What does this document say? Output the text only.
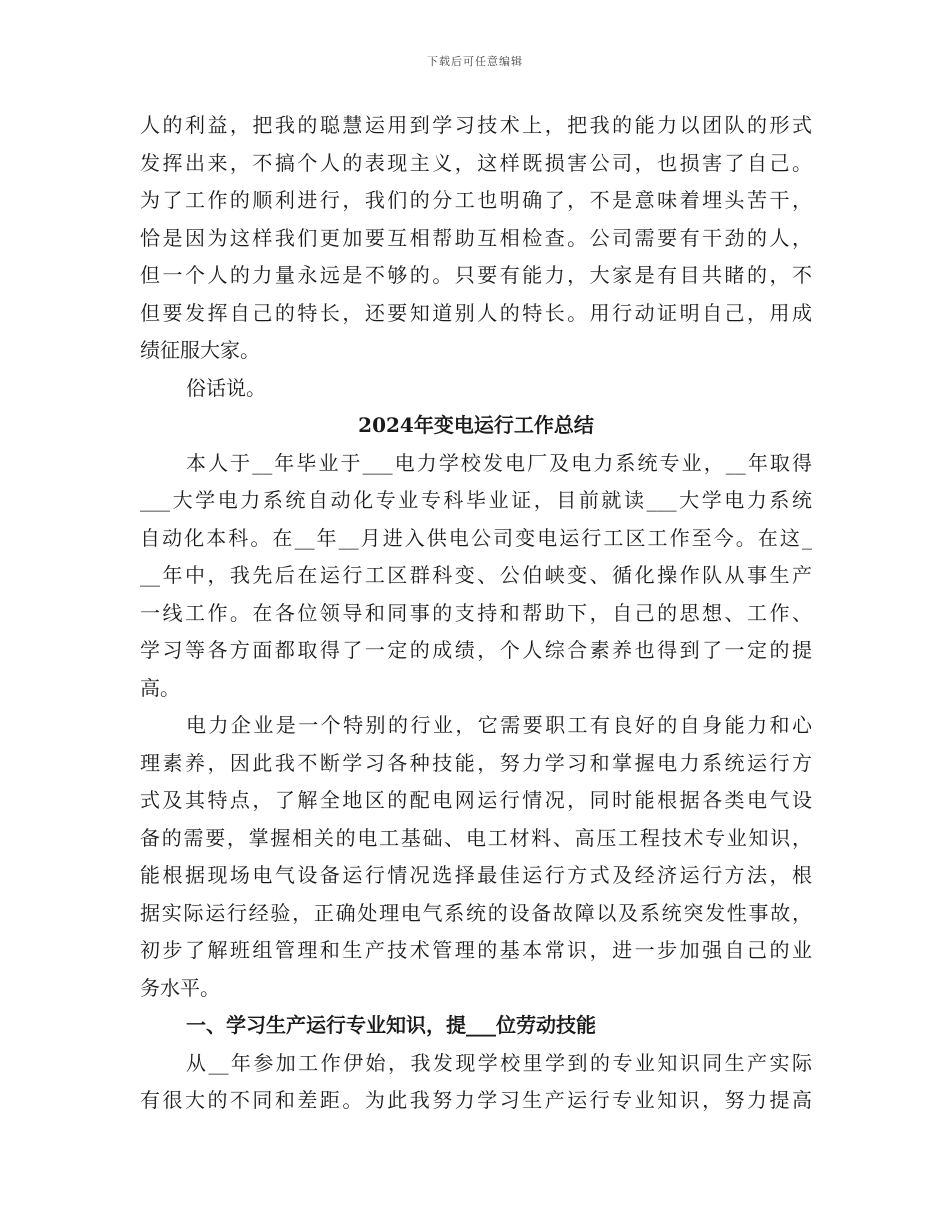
下载后可任意编辑
人的利益，把我的聪慧运用到学习技术上，把我的能力以团队的形式
发挥出来，不搞个人的表现主义，这样既损害公司，也损害了自己。
为了工作的顺利进行，我们的分工也明确了，不是意味着埋头苦干，
恰是因为这样我们更加要互相帮助互相检查。公司需要有干劲的人，
但一个人的力量永远是不够的。只要有能力，大家是有目共睹的，不
但要发挥自己的特长，还要知道别人的特长。用行动证明自己，用成
绩征服大家。
俗话说。
2024年变电运行工作总结
本人于__年毕业于___电力学校发电厂及电力系统专业，__年取得
___大学电力系统自动化专业专科毕业证，目前就读___大学电力系统
自动化本科。在__年__月进入供电公司变电运行工区工作至今。在这_
__年中，我先后在运行工区群科变、公伯峡变、循化操作队从事生产
一线工作。在各位领导和同事的支持和帮助下，自己的思想、工作、
学习等各方面都取得了一定的成绩，个人综合素养也得到了一定的提
高。
电力企业是一个特别的行业，它需要职工有良好的自身能力和心
理素养，因此我不断学习各种技能，努力学习和掌握电力系统运行方
式及其特点，了解全地区的配电网运行情况，同时能根据各类电气设
备的需要，掌握相关的电工基础、电工材料、高压工程技术专业知识，
能根据现场电气设备运行情况选择最佳运行方式及经济运行方法，根
据实际运行经验，正确处理电气系统的设备故障以及系统突发性事故，
初步了解班组管理和生产技术管理的基本常识，进一步加强自己的业
务水平。
一、学习生产运行专业知识，提___位劳动技能
从__年参加工作伊始，我发现学校里学到的专业知识同生产实际
有很大的不同和差距。为此我努力学习生产运行专业知识，努力提高
